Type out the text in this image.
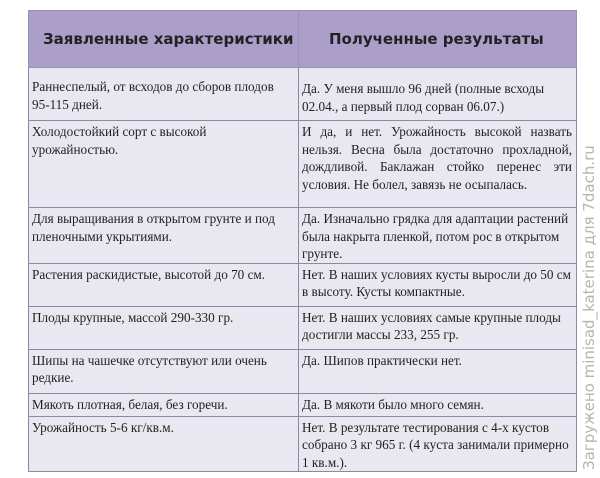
Заявленные характеристики	Полученные результаты
Раннеспелый, от всходов до сборов плодов 95-115 дней.	Да. У меня вышло 96 дней (полные всходы 02.04., а первый плод сорван 06.07.)
Холодостойкий сорт с высокой урожайностью.	И да, и нет. Урожайность высокой назвать нельзя. Весна была достаточно прохладной, дождливой. Баклажан стойко перенес эти условия. Не болел, завязь не осыпалась.
Для выращивания в открытом грунте и под пленочными укрытиями.	Да. Изначально грядка для адаптации растений была накрыта пленкой, потом рос в открытом грунте.
Растения раскидистые, высотой до 70 см.	Нет. В наших условиях кусты выросли до 50 см в высоту. Кусты компактные.
Плоды крупные, массой 290-330 гр.	Нет. В наших условиях самые крупные плоды достигли массы 233, 255 гр.
Шипы на чашечке отсутствуют или очень редкие.	Да. Шипов практически нет.
Мякоть плотная, белая, без горечи.	Да. В мякоти было много семян.
Урожайность 5-6 кг/кв.м.	Нет. В результате тестирования с 4-х кустов собрано 3 кг 965 г. (4 куста занимали примерно 1 кв.м.).	Загружено minisad_katerina для 7dach.ru
